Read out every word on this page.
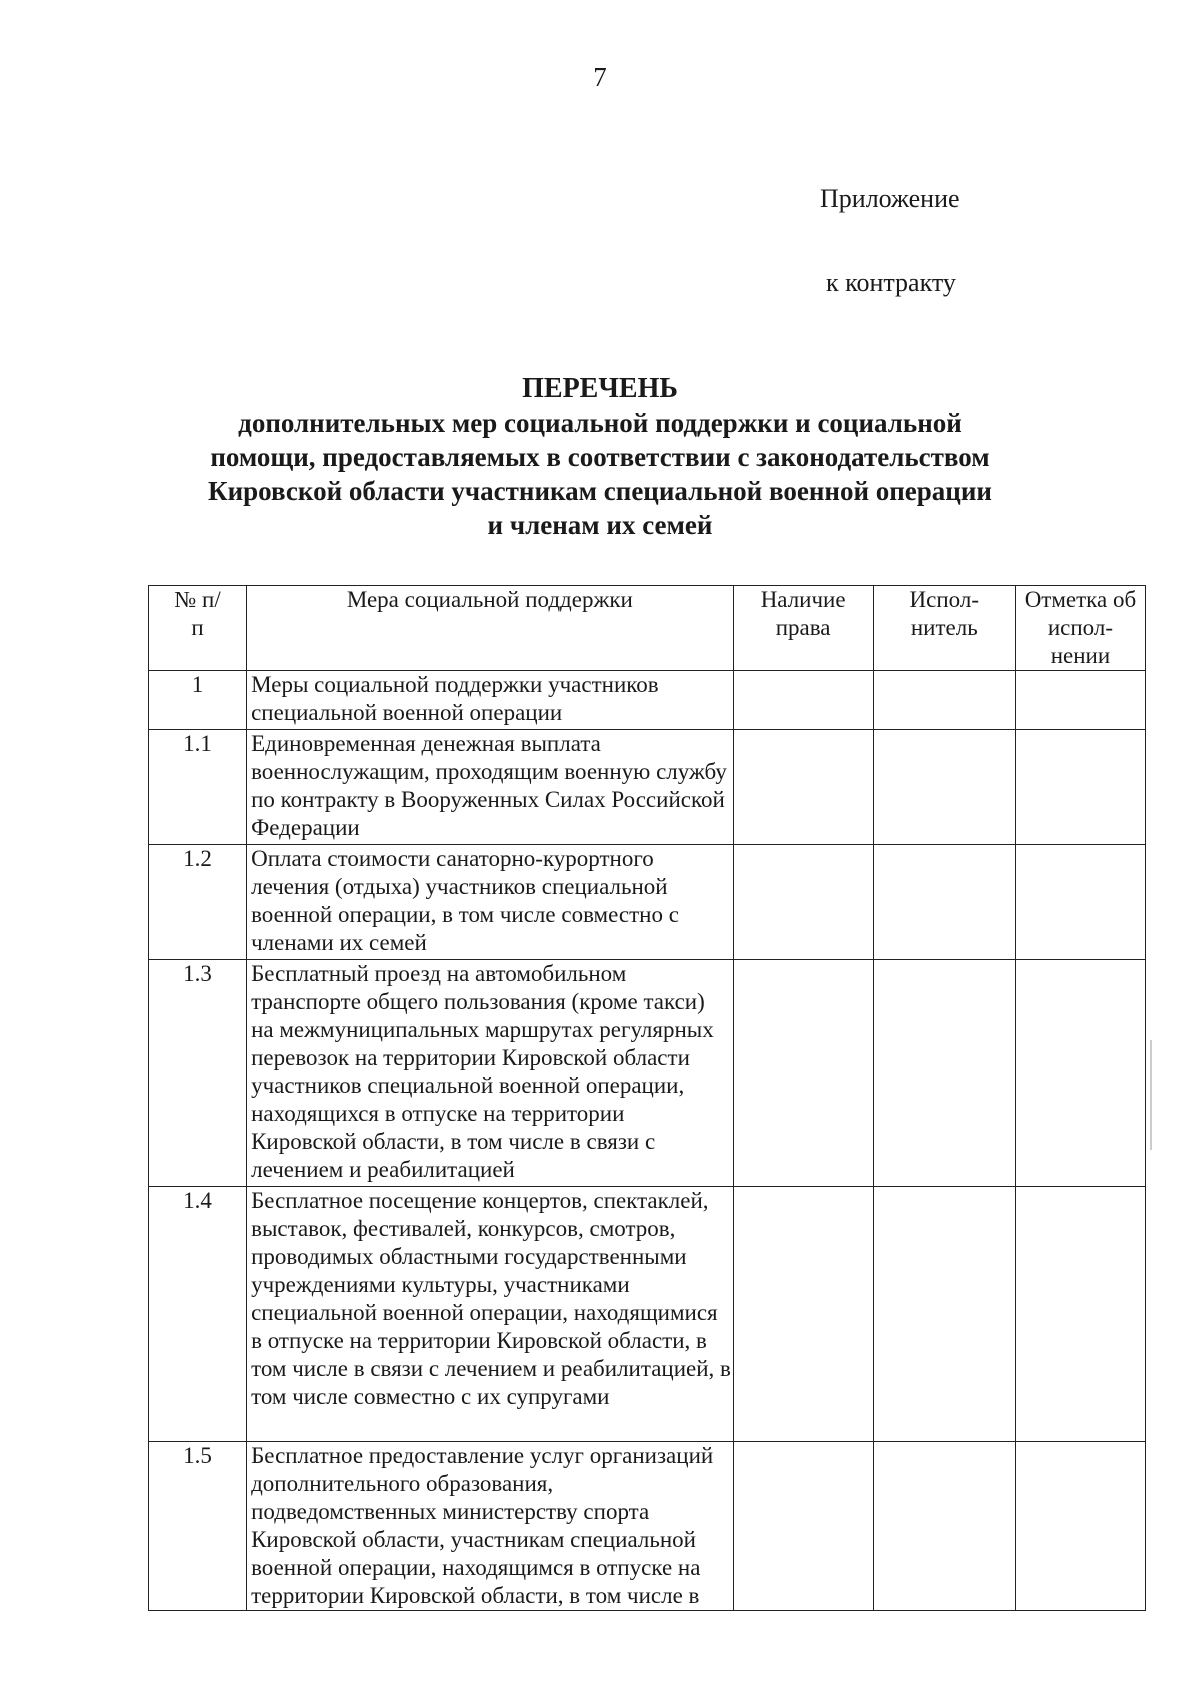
7
Приложение
к контракту
ПЕРЕЧЕНЬ
дополнительных мер социальной поддержки и социальной
помощи, предоставляемых в соответствии с законодательством
Кировской области участникам специальной военной операции
и членам их семей
№ п/п	Мера социальной поддержки	Наличие права	Испол- нитель	Отметка об испол- нении
1	Меры социальной поддержки участников специальной военной операции			
1.1	Единовременная денежная выплата военнослужащим, проходящим военную службу по контракту в Вооруженных Силах Российской Федерации			
1.2	Оплата стоимости санаторно-курортного лечения (отдыха) участников специальной военной операции, в том числе совместно с членами их семей			
1.3	Бесплатный проезд на автомобильном транспорте общего пользования (кроме такси) на межмуниципальных маршрутах регулярных перевозок на территории Кировской области участников специальной военной операции, находящихся в отпуске на территории Кировской области, в том числе в связи с лечением и реабилитацией			
1.4	Бесплатное посещение концертов, спектаклей, выставок, фестивалей, конкурсов, смотров, проводимых областными государственными учреждениями культуры, участниками специальной военной операции, находящимися в отпуске на территории Кировской области, в том числе в связи с лечением и реабилитацией, в том числе совместно с их супругами			
1.5	Бесплатное предоставление услуг организаций дополнительного образования, подведомственных министерству спорта Кировской области, участникам специальной военной операции, находящимся в отпуске на территории Кировской области, в том числе в			
